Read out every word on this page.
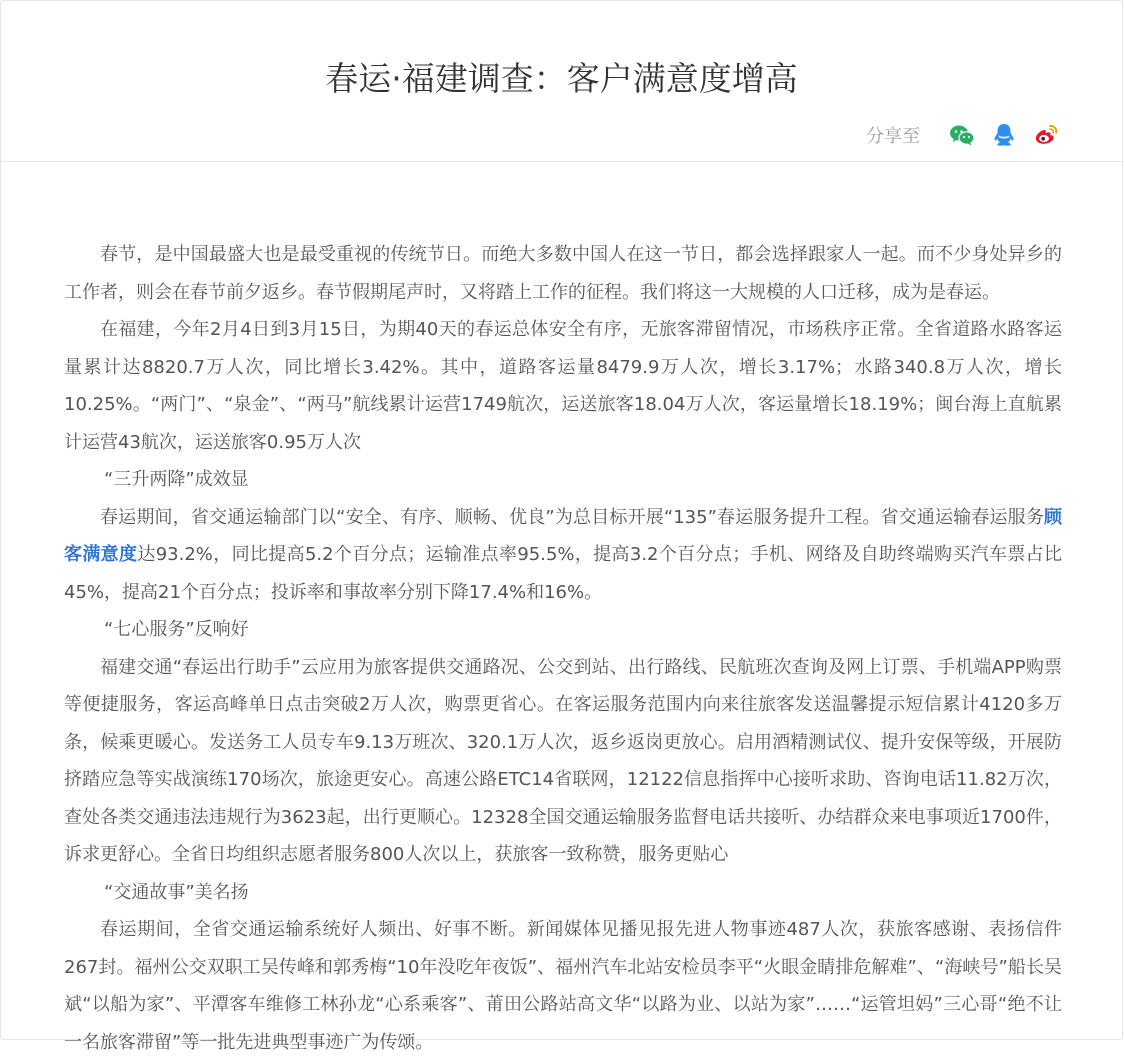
春运·福建调查：客户满意度增高
分享至

春节，是中国最盛大也是最受重视的传统节日。而绝大多数中国人在这一节日，都会选择跟家人一起。而不少身处异乡的工作者，则会在春节前夕返乡。春节假期尾声时，又将踏上工作的征程。我们将这一大规模的人口迁移，成为是春运。

在福建，今年2月4日到3月15日，为期40天的春运总体安全有序，无旅客滞留情况，市场秩序正常。全省道路水路客运量累计达8820.7万人次，同比增长3.42%。其中，道路客运量8479.9万人次，增长3.17%；水路340.8万人次，增长10.25%。“两门”、“泉金”、“两马”航线累计运营1749航次，运送旅客18.04万人次，客运量增长18.19%；闽台海上直航累计运营43航次，运送旅客0.95万人次

“三升两降”成效显

春运期间，省交通运输部门以“安全、有序、顺畅、优良”为总目标开展“135”春运服务提升工程。省交通运输春运服务顾客满意度达93.2%，同比提高5.2个百分点；运输准点率95.5%，提高3.2个百分点；手机、网络及自助终端购买汽车票占比45%，提高21个百分点；投诉率和事故率分别下降17.4%和16%。

“七心服务”反响好

福建交通“春运出行助手”云应用为旅客提供交通路况、公交到站、出行路线、民航班次查询及网上订票、手机端APP购票等便捷服务，客运高峰单日点击突破2万人次，购票更省心。在客运服务范围内向来往旅客发送温馨提示短信累计4120多万条，候乘更暖心。发送务工人员专车9.13万班次、320.1万人次，返乡返岗更放心。启用酒精测试仪、提升安保等级，开展防挤踏应急等实战演练170场次，旅途更安心。高速公路ETC14省联网，12122信息指挥中心接听求助、咨询电话11.82万次，查处各类交通违法违规行为3623起，出行更顺心。12328全国交通运输服务监督电话共接听、办结群众来电事项近1700件，诉求更舒心。全省日均组织志愿者服务800人次以上，获旅客一致称赞，服务更贴心

“交通故事”美名扬

春运期间，全省交通运输系统好人频出、好事不断。新闻媒体见播见报先进人物事迹487人次，获旅客感谢、表扬信件267封。福州公交双职工吴传峰和郭秀梅“10年没吃年夜饭”、福州汽车北站安检员李平“火眼金睛排危解难”、“海峡号”船长吴斌“以船为家”、平潭客车维修工林孙龙“心系乘客”、莆田公路站高文华“以路为业、以站为家”……“运管坦妈”三心哥“绝不让一名旅客滞留”等一批先进典型事迹广为传颂。
